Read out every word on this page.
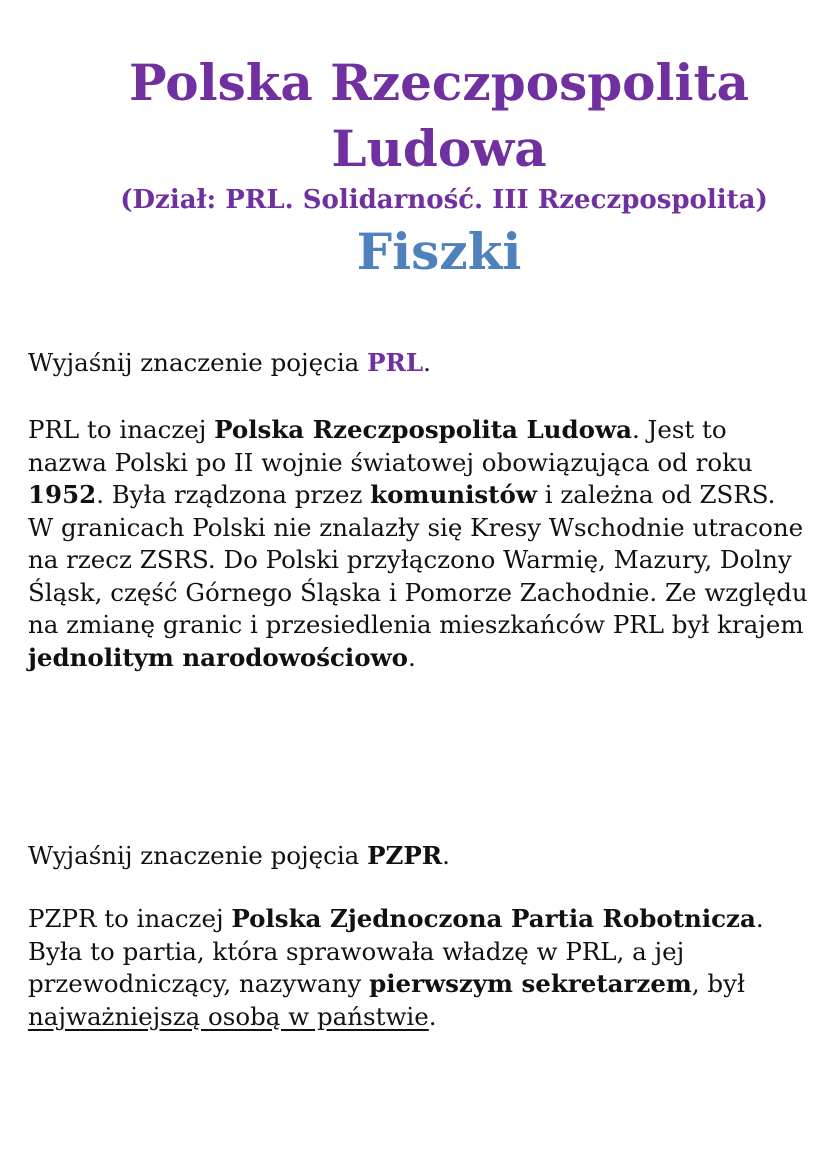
Polska Rzeczpospolita
Ludowa
(Dział: PRL. Solidarność. III Rzeczpospolita)
Fiszki

Wyjaśnij znaczenie pojęcia PRL.

PRL to inaczej Polska Rzeczpospolita Ludowa. Jest to nazwa Polski po II wojnie światowej obowiązująca od roku 1952. Była rządzona przez komunistów i zależna od ZSRS. W granicach Polski nie znalazły się Kresy Wschodnie utracone na rzecz ZSRS. Do Polski przyłączono Warmię, Mazury, Dolny Śląsk, część Górnego Śląska i Pomorze Zachodnie. Ze względu na zmianę granic i przesiedlenia mieszkańców PRL był krajem jednolitym narodowościowo.

Wyjaśnij znaczenie pojęcia PZPR.

PZPR to inaczej Polska Zjednoczona Partia Robotnicza. Była to partia, która sprawowała władzę w PRL, a jej przewodniczący, nazywany pierwszym sekretarzem, był najważniejszą osobą w państwie.
